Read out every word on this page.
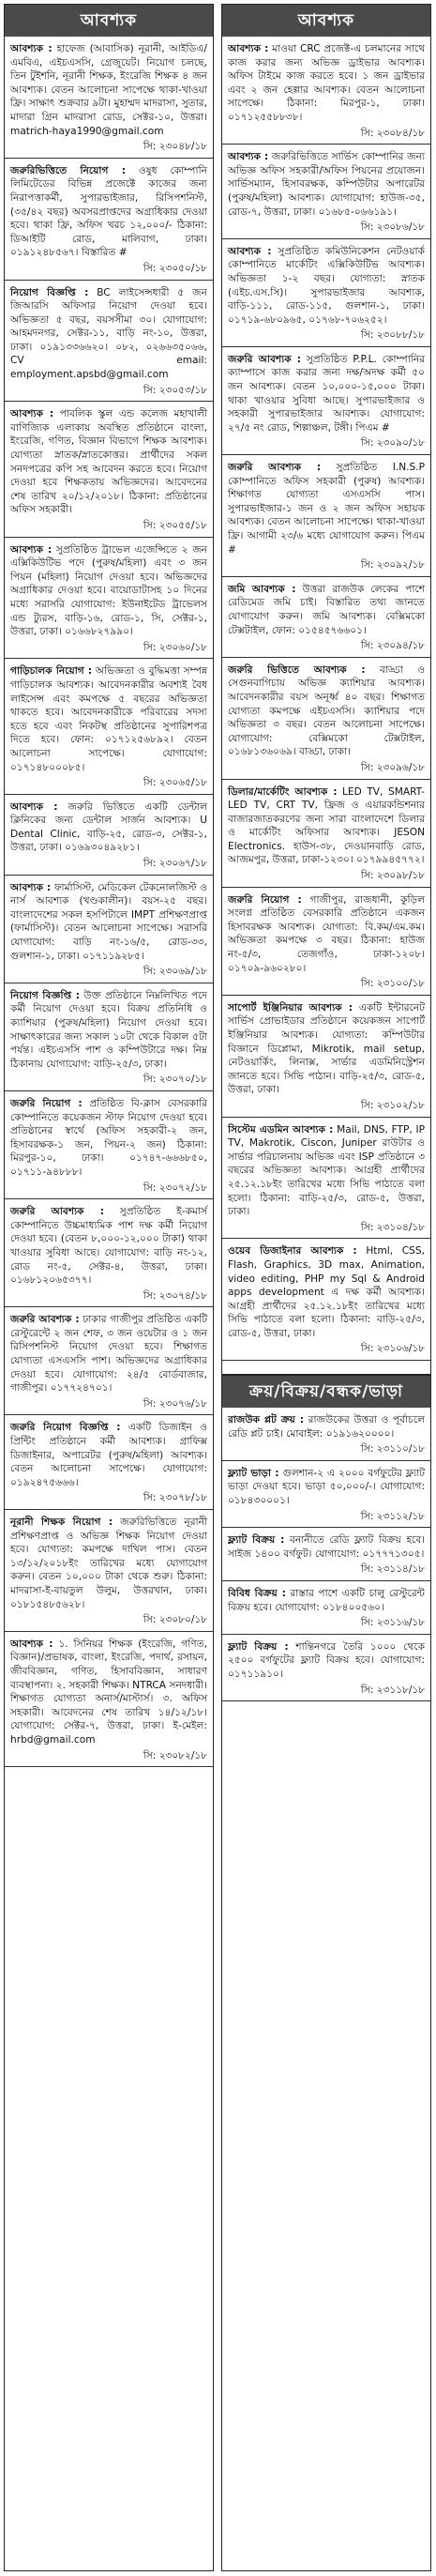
আবশ্যক
আবশ্যক : হাফেজ (আবাসিক) নূরানী, আইডিএ/এমবিএ, এইচএসসি, গ্রেজুয়েট। নিয়োগ চলছে, তিন টুইশনি, নূরানী শিক্ষক, ইংরেজি শিক্ষক ৪ জন আবশ্যক। বেতন আলোচনা সাপেক্ষে থাকা-খাওয়া ফ্রি। সাক্ষাৎ শুক্রবার ৯টা। মুহাম্মদ মাদরাসা, সুতার, মাদারা গ্রিন মাদরাসা রোড, সেক্টর-১০, উত্তরা। matrich-haya1990@gmail.com
সি: ২৩০৪৮/১৮
জরুরিভিত্তিতে নিয়োগ : ওষুধ কোম্পানি লিমিটেডের বিভিন্ন প্রজেক্টে কাজের জন্য নিরাপত্তাকর্মী, সুপারভাইজার, রিসিপশনিস্ট, (৩৫/৪২ বছর) অবসরপ্রাপ্তদের অগ্রাধিকার দেওয়া হবে। থাকা ফ্রি, অফিস খরচ ১২,০০০/- ঠিকানা: ডিআইটি রোড, মালিবাগ, ঢাকা। ০১৯১২৪৮৫৬৭। বিস্তারিত #
সি: ২৩০৫০/১৮
নিয়োগ বিজ্ঞপ্তি : BC লাইসেন্সধারী ৫ জন জিআরসি অফিসার নিয়োগ দেওয়া হবে। অভিজ্ঞতা ৫ বছর, বয়সসীমা ৩০। যোগাযোগ: আহমদনগর, সেক্টর-১১, বাড়ি নং-১০, উত্তরা, ঢাকা। ০১৯১৩৩৬৬২০। ০৮২, ০২৬৬৩৫০৬৬, CV email: employment.apsbd@gmail.com
সি: ২৩০৫৩/১৮
আবশ্যক : পাবলিক স্কুল এন্ড কলেজ মহাখালী বাণিজ্যিক এলাকায় অবস্থিত প্রতিষ্ঠানে বাংলা, ইংরেজি, গণিত, বিজ্ঞান বিভাগে শিক্ষক আবশ্যক। যোগ্যতা স্নাতক/স্নাতকোত্তর। প্রার্থীদের সকল সনদপত্রের কপি সহ আবেদন করতে হবে। নিয়োগ দেওয়া হবে শিক্ষকতায় অভিজ্ঞদের। আবেদনের শেষ তারিখ ২০/১২/২০১৮। ঠিকানা: প্রতিষ্ঠানের অফিস সহকারী।
সি: ২৩০৫৫/১৮
আবশ্যক : সুপ্রতিষ্ঠিত ট্রাভেল এজেন্সিতে ২ জন এক্সিকিউটিভ পদে (পুরুষ/মহিলা) এবং ৩ জন পিয়ন (মহিলা) নিয়োগ দেওয়া হবে। অভিজ্ঞদের অগ্রাধিকার দেওয়া হবে। বায়োডাটাসহ ১০ দিনের মধ্যে সরাসরি যোগাযোগ: ইউনাইটেড ট্রাভেলস এন্ড ট্যুরস, বাড়ি-১৬, রোড-১, সি, সেক্টর-১, উত্তরা, ঢাকা। ০১৬৬৮২৭৯৯০।
সি: ২৩০৬০/১৮
গাড়িচালক নিয়োগ : অভিজ্ঞতা ও বুদ্ধিমত্তা সম্পন্ন গাড়িচালক আবশ্যক। আবেদনকারীর অবশ্যই বৈধ লাইসেন্স এবং কমপক্ষে ৫ বছরের অভিজ্ঞতা থাকতে হবে। আবেদনকারীকে পরিবারের সদস্য হতে হবে এবং নিকটস্থ প্রতিষ্ঠানের সুপারিশপত্র দিতে হবে। ফোন: ০১৭১২৫৬৮৯২। বেতন আলোচনা সাপেক্ষে। যোগাযোগ: ০১৭১৪৮০০০৮৫।
সি: ২৩০৬৫/১৮
আবশ্যক : জরুরি ভিত্তিতে একটি ডেন্টাল ক্লিনিকের জন্য ডেন্টাল সার্জন আবশ্যক। U Dental Clinic, বাড়ি-২৫, রোড-৩, সেক্টর-১, উত্তরা, ঢাকা। ০১৬৯৩০৪৯২৮১।
সি: ২৩০৬৭/১৮
আবশ্যক : ফার্মাসিস্ট, মেডিকেল টেকনোলজিস্ট ও নার্স আবশ্যক (খণ্ডকালীন)। বয়স-২৫ বছর। বাংলাদেশের সকল হসপিটালে IMPT প্রশিক্ষণপ্রাপ্ত (ফার্মাসিস্ট)। বেতন আলোচনা সাপেক্ষে। সরাসরি যোগাযোগ: বাড়ি নং-১৬/৫, রোড-৩৩, গুলশান-১, ঢাকা। ০১৭১১৯২৮৫।
সি: ২৩০৬৯/১৮
নিয়োগ বিজ্ঞপ্তি : উক্ত প্রতিষ্ঠানে নিম্নলিখিত পদে কর্মী নিয়োগ দেওয়া হবে। বিক্রয় প্রতিনিধি ও ক্যাশিয়ার (পুরুষ/মহিলা) নিয়োগ দেওয়া হবে। সাক্ষাৎকারের জন্য সকাল ১০টা থেকে বিকাল ৫টা পর্যন্ত। এইচএসসি পাশ ও কম্পিউটারে দক্ষ। নিম্ন ঠিকানায় যোগাযোগ: বাড়ি-২৫/৩, ঢাকা।
সি: ২৩০৭০/১৮
জরুরি নিয়োগ : প্রতিষ্ঠিত বি-ক্লাস বেসরকারি কোম্পানিতে কয়েকজন স্টাফ নিয়োগ দেওয়া হবে। প্রতিষ্ঠানের স্বার্থে (অফিস সহকারী-২ জন, হিসাবরক্ষক-১ জন, পিয়ন-২ জন) ঠিকানা: মিরপুর-১০, ঢাকা। ০১৭৪৭-৬৬৬৮৫০, ০১৭১১-৯৪৮৮৮।
সি: ২৩০৭২/১৮
জরুরি আবশ্যক : সুপ্রতিষ্ঠিত ই-কমার্স কোম্পানিতে উচ্চমাধ্যমিক পাশ দক্ষ কর্মী নিয়োগ দেওয়া হবে। (বেতন ৮,০০০-১২,০০০ টাকা) থাকা খাওয়ার সুবিধা আছে। যোগাযোগ: বাড়ি নং-১২, রোড নং-৫, সেক্টর-৪, উত্তরা, ঢাকা। ০১৬৮১২০৬৫৩৭৭।
সি: ২৩০৭৪/১৮
জরুরি আবশ্যক : ঢাকার গাজীপুর প্রতিষ্ঠিত একটি রেস্টুরেন্টে ২ জন শেফ, ৩ জন ওয়েটার ও ১ জন রিসিপশনিস্ট নিয়োগ দেওয়া হবে। শিক্ষাগত যোগ্যতা এসএসসি পাশ। অভিজ্ঞদের অগ্রাধিকার দেওয়া হবে। যোগাযোগ: ২৪/৫ বোর্ডবাজার, গাজীপুর। ০১৭৭২৪৭০১।
সি: ২৩০৭৬/১৮
জরুরি নিয়োগ বিজ্ঞপ্তি : একটি ডিজাইন ও প্রিন্টিং প্রতিষ্ঠানে কর্মী আবশ্যক। গ্রাফিক্স ডিজাইনার, অপারেটর (পুরুষ/মহিলা) আবশ্যক। বেতন আলোচনা সাপেক্ষে। যোগাযোগ: ০১৯২৪৭৫৬৬৬।
সি: ২৩০৭৮/১৮
নূরানী শিক্ষক নিয়োগ : জরুরিভিত্তিতে নূরানী প্রশিক্ষণপ্রাপ্ত ও অভিজ্ঞ শিক্ষক নিয়োগ দেওয়া হবে। যোগ্যতা: কমপক্ষে দাখিল পাস। বেতন ১৩/১২/২০১৮ইং তারিখের মধ্যে যোগাযোগ করুন। বেতন ১০,০০০ টাকা থেকে শুরু। ঠিকানা: মাদরাসা-ই-বায়তুল উলুম, উত্তরখান, ঢাকা। ০১৮১৫৪৮৫৬২৮।
সি: ২৩০৮০/১৮
আবশ্যক : ১. সিনিয়র শিক্ষক (ইংরেজি, গণিত, বিজ্ঞান)/প্রভাষক, বাংলা, ইংরেজি, পদার্থ, রসায়ন, জীববিজ্ঞান, গণিত, হিসাববিজ্ঞান, সাধারণ ব্যবস্থাপনা। ২. সহকারী শিক্ষক। NTRCA সনদধারী। শিক্ষাগত যোগ্যতা অনার্স/মাস্টার্স। ৩. অফিস সহকারী। আবেদনের শেষ তারিখ ১৪/১২/১৮। যোগাযোগ: সেক্টর-৭, উত্তরা, ঢাকা। ই-মেইল: hrbd@gmail.com
সি: ২৩০৮২/১৮
আবশ্যক
আবশ্যক : মাওয়া CRC প্রজেক্ট-এ চলমানের সাথে কাজ করার জন্য অভিজ্ঞ ড্রাইভার আবশ্যক। অফিস টাইমে কাজ করতে হবে। ১ জন ড্রাইভার এবং ২ জন হেল্পার আবশ্যক। বেতন আলোচনা সাপেক্ষে। ঠিকানা: মিরপুর-১, ঢাকা। ০১৭১২৫৫৮৮৩৮।
সি: ২৩০৮৪/১৮
আবশ্যক : জরুরিভিত্তিতে সার্ভিস কোম্পানির জন্য অভিজ্ঞ অফিস সহকারী/অফিস পিয়নের প্রয়োজন। সার্ভিসম্যান, হিসাবরক্ষক, কম্পিউটার অপারেটর (পুরুষ/মহিলা) আবশ্যক। যোগাযোগ: হাউজ-৩৫, রোড-৭, উত্তরা, ঢাকা। ০১৬৮৫-০৬৬১৯১।
সি: ২৩০৮৬/১৮
আবশ্যক : সুপ্রতিষ্ঠিত কমিউনিকেশন নেটওয়ার্ক কোম্পানিতে মার্কেটিং এক্সিকিউটিভ আবশ্যক। অভিজ্ঞতা ১-২ বছর। যোগ্যতা: স্নাতক (এইচ.এস.সি)। সুপারভাইজার আবশ্যক, বাড়ি-১১১, রোড-১১৫, গুলশান-১, ঢাকা। ০১৭১৯-৬৮০৯৬৫, ০১৭৬৮-৭০৬২৫২।
সি: ২৩০৮৮/১৮
জরুরি আবশ্যক : সুপ্রতিষ্ঠিত P.P.L. কোম্পানির ক্যাম্পাসে কাজ করার জন্য দক্ষ/অদক্ষ কর্মী ৫০ জন আবশ্যক। বেতন ১০,০০০-১৫,০০০ টাকা। থাকা খাওয়ার সুবিধা আছে। সুপারভাইজার ও সহকারী সুপারভাইজার আবশ্যক। যোগাযোগ: ২৭/৫ নং রোড, শিল্পাঞ্চল, টঙ্গী। পিএম #
সি: ২৩০৯০/১৮
জরুরি আবশ্যক : সুপ্রতিষ্ঠিত I.N.S.P কোম্পানিতে অফিস সহকারী (পুরুষ) আবশ্যক। শিক্ষাগত যোগ্যতা এসএসসি পাস। সুপারভাইজার-১ জন ও ২ জন অফিস সহায়ক আবশ্যক। বেতন আলোচনা সাপেক্ষে। থাকা-খাওয়া ফ্রি। আগামী ২৩/৬ মধ্যে যোগাযোগ করুন। পিএম #
সি: ২৩০৯২/১৮
জমি আবশ্যক : উত্তরা রাজউক লেকের পাশে রেডিমেড জমি চাই। বিস্তারিত তথ্য জানতে যোগাযোগ করুন। জমি আবশ্যক। বেক্সিমকো টেক্সটাইল, ফোন: ০১৫৪৫৭৬৬০১।
সি: ২৩০৯৪/১৮
জরুরি ভিত্তিতে আবশ্যক : বাড্ডা ও সেগুনবাগিচায় অভিজ্ঞ ক্যাশিয়ার আবশ্যক। আবেদনকারীর বয়স অনূর্ধ্ব ৪০ বছর। শিক্ষাগত যোগ্যতা কমপক্ষে এইচএসসি। ক্যাশিয়ার পদে অভিজ্ঞতা ৩ বছর। বেতন আলোচনা সাপেক্ষে। যোগাযোগ: বেক্সিমকো টেক্সটাইল, ০১৬৮১৩৬০৬৯। বাড্ডা, ঢাকা।
সি: ২৩০৯৬/১৮
ডিলার/মার্কেটিং আবশ্যক : LED TV, SMART-LED TV, CRT TV, ফ্রিজ ও এয়ারকন্ডিশনার বাজারজাতকরণের জন্য সারা বাংলাদেশে ডিলার ও মার্কেটিং অফিসার আবশ্যক। JESON Electronics. হাউস-৩৮, দেওয়ানবাড়ি রোড, আজমপুর, উত্তরা, ঢাকা-১২৩০। ০১৭৯৯৪৫৭৭২।
সি: ২৩০৯৮/১৮
জরুরি নিয়োগ : গাজীপুর, রাজধানী, কুড়িল সংলগ্ন প্রতিষ্ঠিত বেসরকারি প্রতিষ্ঠানে একজন হিসাবরক্ষক আবশ্যক। যোগ্যতা: বি.কম/এম.কম। অভিজ্ঞতা কমপক্ষে ৩ বছর। ঠিকানা: হাউজ নং-৫/৩, তেজগাঁও, ঢাকা-১২০৮। ০১৭০৯-৯৬০২৮০।
সি: ২৩১০০/১৮
সাপোর্ট ইঞ্জিনিয়ার আবশ্যক : একটি ইন্টারনেট সার্ভিস প্রোভাইডার প্রতিষ্ঠানে কয়েকজন সাপোর্ট ইঞ্জিনিয়ার আবশ্যক। যোগ্যতা: কম্পিউটার বিজ্ঞানে ডিপ্লোমা, Mikrotik, mail setup, নেটওয়ার্কিং, লিনাক্স, সার্ভার এডমিনিস্ট্রেশন জানতে হবে। সিভি পাঠান। বাড়ি-২৫/৩, রোড-৫, উত্তরা, ঢাকা।
সি: ২৩১০২/১৮
সিস্টেম এডমিন আবশ্যক : Mail, DNS, FTP, IP TV, Makrotik, Ciscon, Juniper রাউটার ও সার্ভার পরিচালনায় অভিজ্ঞ এবং ISP প্রতিষ্ঠানে ৩ বছরের অভিজ্ঞতা আবশ্যক। আগ্রহী প্রার্থীদের ২৫.১২.১৮ইং তারিখের মধ্যে সিভি পাঠাতে বলা হলো। ঠিকানা: বাড়ি-২৫/৩, রোড-৫, উত্তরা, ঢাকা।
সি: ২৩১০৪/১৮
ওয়েব ডিজাইনার আবশ্যক : Html, CSS, Flash, Graphics, 3D max, Animation, video editing, PHP my Sql & Android apps development এ দক্ষ কর্মী আবশ্যক। আগ্রহী প্রার্থীদের ২৫.১২.১৮ইং তারিখের মধ্যে সিভি পাঠাতে বলা হলো। ঠিকানা: বাড়ি-২৫/৩, রোড-৫, উত্তরা, ঢাকা।
সি: ২৩১০৬/১৮
ক্রয়/বিক্রয়/বন্ধক/ভাড়া
রাজউক প্লট ক্রয় : রাজউকের উত্তরা ও পূর্বাচলে রেডি প্লট চাই। মোবাইল: ০১৯১৬২০০০০।
সি: ২৩১১০/১৮
ফ্ল্যাট ভাড়া : গুলশান-২ এ ২০০০ বর্গফুটের ফ্ল্যাট ভাড়া দেওয়া হবে। ভাড়া ৫০,০০০/-। যোগাযোগ: ০১৮৪৩০০০১।
সি: ২৩১১২/১৮
ফ্ল্যাট বিক্রয় : বনানীতে রেডি ফ্ল্যাট বিক্রয় হবে। সাইজ ১৪০০ বর্গফুট। যোগাযোগ: ০১৭৭৭১৩০৫।
সি: ২৩১১৪/১৮
বিবিধ বিক্রয় : রাস্তার পাশে একটি চালু রেস্টুরেন্ট বিক্রয় হবে। যোগাযোগ: ০১৮৪০০৫৬০।
সি: ২৩১১৬/১৮
ফ্ল্যাট বিক্রয় : শান্তিনগরে তৈরি ১০০০ থেকে ২৫০০ বর্গফুটের ফ্ল্যাট বিক্রয় হবে। যোগাযোগ: ০১৭১১৯১০।
সি: ২৩১১৮/১৮
